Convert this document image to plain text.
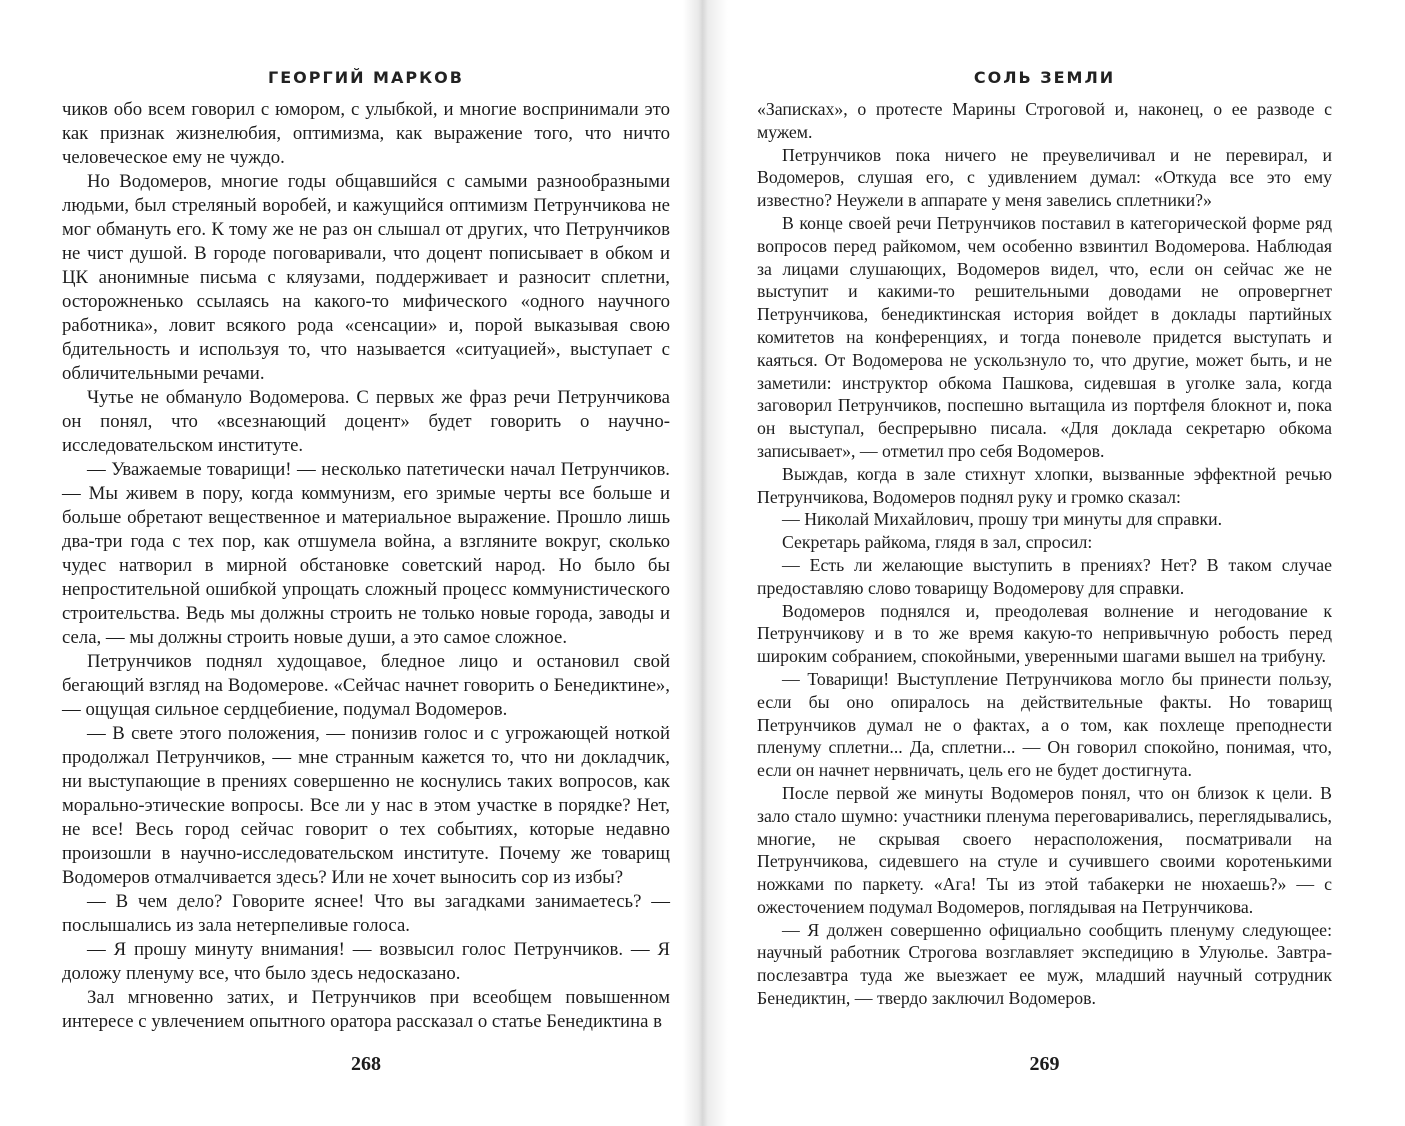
ГЕОРГИЙ МАРКОВ

чиков обо всем говорил с юмором, с улыбкой, и многие воспринимали это как признак жизнелюбия, оптимизма, как выражение того, что ничто человеческое ему не чуждо.

Но Водомеров, многие годы общавшийся с самыми разнообразными людьми, был стреляный воробей, и кажущийся оптимизм Петрунчикова не мог обмануть его. К тому же не раз он слышал от других, что Петрунчиков не чист душой. В городе поговаривали, что доцент пописывает в обком и ЦК анонимные письма с кляузами, поддерживает и разносит сплетни, осторожненько ссылаясь на какого-то мифического «одного научного работника», ловит всякого рода «сенсации» и, порой выказывая свою бдительность и используя то, что называется «ситуацией», выступает с обличительными речами.

Чутье не обмануло Водомерова. С первых же фраз речи Петрунчикова он понял, что «всезнающий доцент» будет говорить о научно-исследовательском институте.

— Уважаемые товарищи! — несколько патетически начал Петрунчиков. — Мы живем в пору, когда коммунизм, его зримые черты все больше и больше обретают вещественное и материальное выражение. Прошло лишь два-три года с тех пор, как отшумела война, а взгляните вокруг, сколько чудес натворил в мирной обстановке советский народ. Но было бы непростительной ошибкой упрощать сложный процесс коммунистического строительства. Ведь мы должны строить не только новые города, заводы и села, — мы должны строить новые души, а это самое сложное.

Петрунчиков поднял худощавое, бледное лицо и остановил свой бегающий взгляд на Водомерове. «Сейчас начнет говорить о Бенедиктине», — ощущая сильное сердцебиение, подумал Водомеров.

— В свете этого положения, — понизив голос и с угрожающей ноткой продолжал Петрунчиков, — мне странным кажется то, что ни докладчик, ни выступающие в прениях совершенно не коснулись таких вопросов, как морально-этические вопросы. Все ли у нас в этом участке в порядке? Нет, не все! Весь город сейчас говорит о тех событиях, которые недавно произошли в научно-исследовательском институте. Почему же товарищ Водомеров отмалчивается здесь? Или не хочет выносить сор из избы?

— В чем дело? Говорите яснее! Что вы загадками занимаетесь? — послышались из зала нетерпеливые голоса.

— Я прошу минуту внимания! — возвысил голос Петрунчиков. — Я доложу пленуму все, что было здесь недосказано.

Зал мгновенно затих, и Петрунчиков при всеобщем повышенном интересе с увлечением опытного оратора рассказал о статье Бенедиктина в

268
СОЛЬ ЗЕМЛИ

«Записках», о протесте Марины Строговой и, наконец, о ее разводе с мужем.

Петрунчиков пока ничего не преувеличивал и не перевирал, и Водомеров, слушая его, с удивлением думал: «Откуда все это ему известно? Неужели в аппарате у меня завелись сплетники?»

В конце своей речи Петрунчиков поставил в категорической форме ряд вопросов перед райкомом, чем особенно взвинтил Водомерова. Наблюдая за лицами слушающих, Водомеров видел, что, если он сейчас же не выступит и какими-то решительными доводами не опровергнет Петрунчикова, бенедиктинская история войдет в доклады партийных комитетов на конференциях, и тогда поневоле придется выступать и каяться. От Водомерова не ускользнуло то, что другие, может быть, и не заметили: инструктор обкома Пашкова, сидевшая в уголке зала, когда заговорил Петрунчиков, поспешно вытащила из портфеля блокнот и, пока он выступал, беспрерывно писала. «Для доклада секретарю обкома записывает», — отметил про себя Водомеров.

Выждав, когда в зале стихнут хлопки, вызванные эффектной речью Петрунчикова, Водомеров поднял руку и громко сказал:

— Николай Михайлович, прошу три минуты для справки.

Секретарь райкома, глядя в зал, спросил:

— Есть ли желающие выступить в прениях? Нет? В таком случае предоставляю слово товарищу Водомерову для справки.

Водомеров поднялся и, преодолевая волнение и негодование к Петрунчикову и в то же время какую-то непривычную робость перед широким собранием, спокойными, уверенными шагами вышел на трибуну.

— Товарищи! Выступление Петрунчикова могло бы принести пользу, если бы оно опиралось на действительные факты. Но товарищ Петрунчиков думал не о фактах, а о том, как похлеще преподнести пленуму сплетни... Да, сплетни... — Он говорил спокойно, понимая, что, если он начнет нервничать, цель его не будет достигнута.

После первой же минуты Водомеров понял, что он близок к цели. В зало стало шумно: участники пленума переговаривались, переглядывались, многие, не скрывая своего нерасположения, посматривали на Петрунчикова, сидевшего на стуле и сучившего своими коротенькими ножками по паркету. «Ага! Ты из этой табакерки не нюхаешь?» — с ожесточением подумал Водомеров, поглядывая на Петрунчикова.

— Я должен совершенно официально сообщить пленуму следующее: научный работник Строгова возглавляет экспедицию в Улуюлье. Завтра-послезавтра туда же выезжает ее муж, младший научный сотрудник Бенедиктин, — твердо заключил Водомеров.

269
